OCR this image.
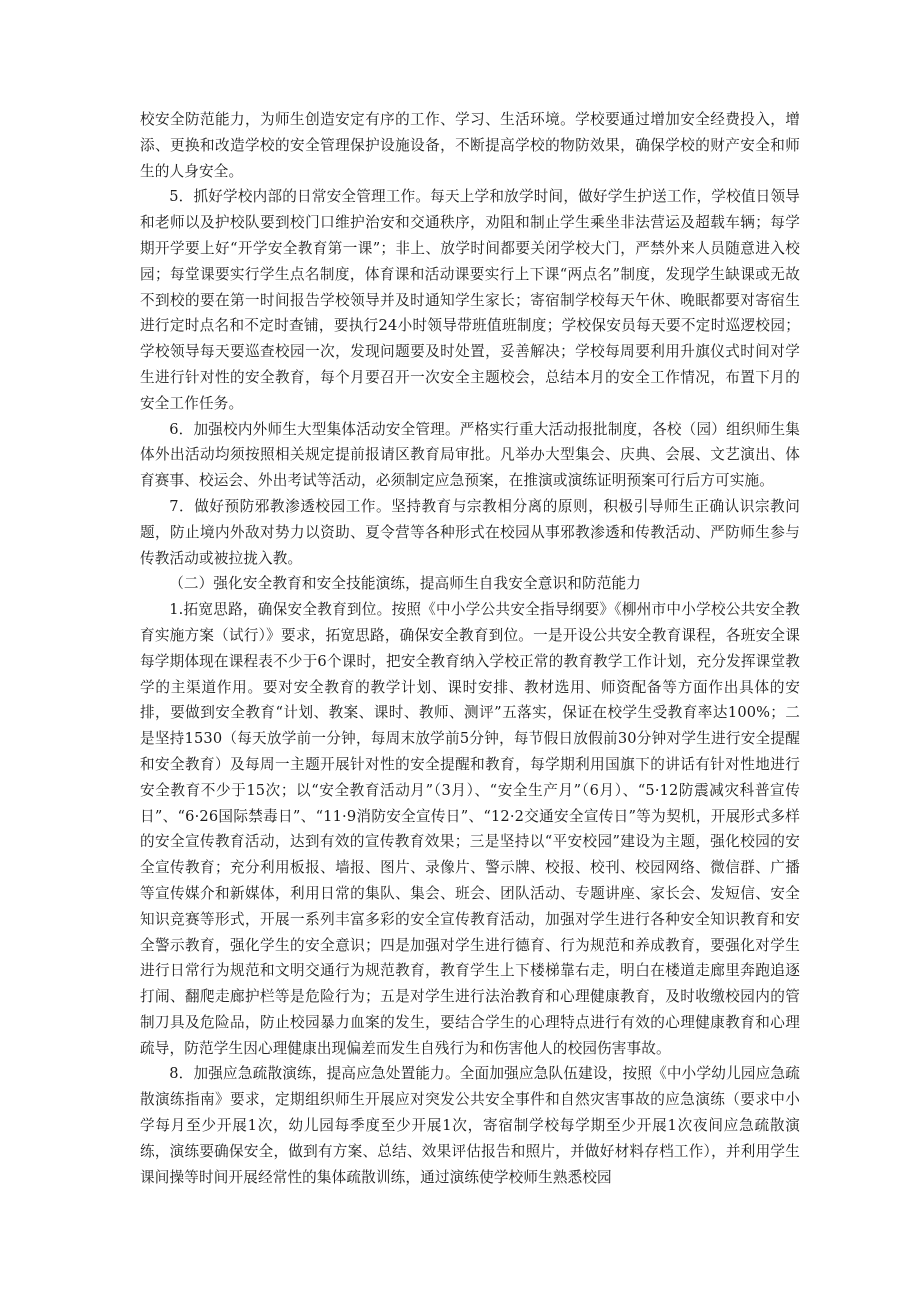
校安全防范能力，为师生创造安定有序的工作、学习、生活环境。学校要通过增加安全经费投入，增添、更换和改造学校的安全管理保护设施设备，不断提高学校的物防效果，确保学校的财产安全和师生的人身安全。

5．抓好学校内部的日常安全管理工作。每天上学和放学时间，做好学生护送工作，学校值日领导和老师以及护校队要到校门口维护治安和交通秩序，劝阻和制止学生乘坐非法营运及超载车辆；每学期开学要上好“开学安全教育第一课”；非上、放学时间都要关闭学校大门，严禁外来人员随意进入校园；每堂课要实行学生点名制度，体育课和活动课要实行上下课“两点名”制度，发现学生缺课或无故不到校的要在第一时间报告学校领导并及时通知学生家长；寄宿制学校每天午休、晚眠都要对寄宿生进行定时点名和不定时查铺，要执行24小时领导带班值班制度；学校保安员每天要不定时巡逻校园；学校领导每天要巡查校园一次，发现问题要及时处置，妥善解决；学校每周要利用升旗仪式时间对学生进行针对性的安全教育，每个月要召开一次安全主题校会，总结本月的安全工作情况，布置下月的安全工作任务。

6．加强校内外师生大型集体活动安全管理。严格实行重大活动报批制度，各校（园）组织师生集体外出活动均须按照相关规定提前报请区教育局审批。凡举办大型集会、庆典、会展、文艺演出、体育赛事、校运会、外出考试等活动，必须制定应急预案，在推演或演练证明预案可行后方可实施。

7．做好预防邪教渗透校园工作。坚持教育与宗教相分离的原则，积极引导师生正确认识宗教问题，防止境内外敌对势力以资助、夏令营等各种形式在校园从事邪教渗透和传教活动、严防师生参与传教活动或被拉拢入教。

（二）强化安全教育和安全技能演练，提高师生自我安全意识和防范能力

1.拓宽思路，确保安全教育到位。按照《中小学公共安全指导纲要》《柳州市中小学校公共安全教育实施方案（试行）》要求，拓宽思路，确保安全教育到位。一是开设公共安全教育课程，各班安全课每学期体现在课程表不少于6个课时，把安全教育纳入学校正常的教育教学工作计划，充分发挥课堂教学的主渠道作用。要对安全教育的教学计划、课时安排、教材选用、师资配备等方面作出具体的安排，要做到安全教育“计划、教案、课时、教师、测评”五落实，保证在校学生受教育率达100%；二是坚持1530（每天放学前一分钟，每周末放学前5分钟，每节假日放假前30分钟对学生进行安全提醒和安全教育）及每周一主题开展针对性的安全提醒和教育，每学期利用国旗下的讲话有针对性地进行安全教育不少于15次；以“安全教育活动月”（3月）、“安全生产月”（6月）、“5·12防震减灾科普宣传日”、“6·26国际禁毒日”、“11·9消防安全宣传日”、“12·2交通安全宣传日”等为契机，开展形式多样的安全宣传教育活动，达到有效的宣传教育效果；三是坚持以“平安校园”建设为主题，强化校园的安全宣传教育；充分利用板报、墙报、图片、录像片、警示牌、校报、校刊、校园网络、微信群、广播等宣传媒介和新媒体，利用日常的集队、集会、班会、团队活动、专题讲座、家长会、发短信、安全知识竞赛等形式，开展一系列丰富多彩的安全宣传教育活动，加强对学生进行各种安全知识教育和安全警示教育，强化学生的安全意识；四是加强对学生进行德育、行为规范和养成教育，要强化对学生进行日常行为规范和文明交通行为规范教育，教育学生上下楼梯靠右走，明白在楼道走廊里奔跑追逐打闹、翻爬走廊护栏等是危险行为；五是对学生进行法治教育和心理健康教育，及时收缴校园内的管制刀具及危险品，防止校园暴力血案的发生，要结合学生的心理特点进行有效的心理健康教育和心理疏导，防范学生因心理健康出现偏差而发生自残行为和伤害他人的校园伤害事故。

8．加强应急疏散演练，提高应急处置能力。全面加强应急队伍建设，按照《中小学幼儿园应急疏散演练指南》要求，定期组织师生开展应对突发公共安全事件和自然灾害事故的应急演练（要求中小学每月至少开展1次，幼儿园每季度至少开展1次，寄宿制学校每学期至少开展1次夜间应急疏散演练，演练要确保安全，做到有方案、总结、效果评估报告和照片，并做好材料存档工作），并利用学生课间操等时间开展经常性的集体疏散训练，通过演练使学校师生熟悉校园
